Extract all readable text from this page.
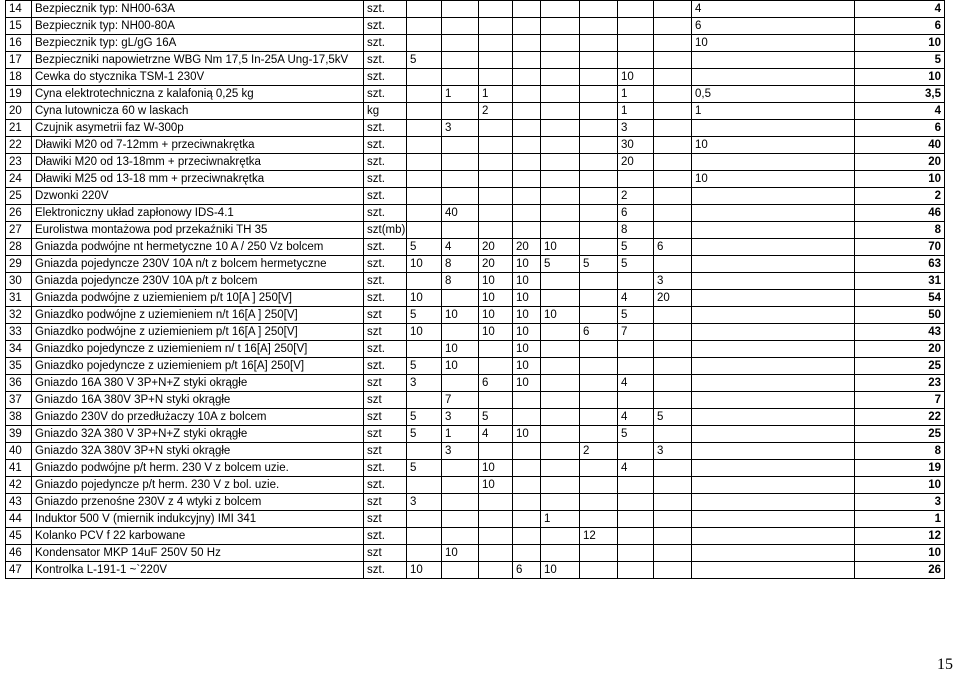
14	Bezpiecznik typ: NH00-63A	szt.									4	4
15	Bezpiecznik typ: NH00-80A	szt.									6	6
16	Bezpiecznik typ: gL/gG 16A	szt.									10	10
17	Bezpieczniki napowietrzne WBG Nm 17,5 In-25A Ung-17,5kV	szt.	5									5
18	Cewka do stycznika TSM-1 230V	szt.							10			10
19	Cyna elektrotechniczna z kalafonią 0,25 kg	szt.		1	1				1		0,5	3,5
20	Cyna lutownicza 60 w laskach	kg			2				1		1	4
21	Czujnik asymetrii faz W-300p	szt.		3					3			6
22	Dławiki M20 od 7-12mm + przeciwnakrętka	szt.							30		10	40
23	Dławiki M20 od 13-18mm + przeciwnakrętka	szt.							20			20
24	Dławiki M25 od 13-18 mm + przeciwnakrętka	szt.									10	10
25	Dzwonki 220V	szt.							2			2
26	Elektroniczny układ zapłonowy IDS-4.1	szt.		40					6			46
27	Eurolistwa montażowa pod przekaźniki TH 35	szt(mb)							8			8
28	Gniazda podwójne nt hermetyczne 10 A / 250 Vz bolcem	szt.	5	4	20	20	10		5	6		70
29	Gniazda pojedyncze 230V 10A n/t z bolcem hermetyczne	szt.	10	8	20	10	5	5	5			63
30	Gniazda pojedyncze 230V 10A p/t z bolcem	szt.		8	10	10				3		31
31	Gniazda podwójne z uziemieniem p/t 10[A ] 250[V]	szt.	10		10	10			4	20		54
32	Gniazdko podwójne z uziemieniem n/t 16[A ] 250[V]	szt	5	10	10	10	10		5			50
33	Gniazdko podwójne z uziemieniem p/t 16[A ] 250[V]	szt	10		10	10		6	7			43
34	Gniazdko pojedyncze z uziemieniem n/ t 16[A] 250[V]	szt.		10		10						20
35	Gniazdko pojedyncze z uziemieniem p/t 16[A] 250[V]	szt.	5	10		10						25
36	Gniazdo 16A 380 V 3P+N+Z styki okrągłe	szt	3		6	10			4			23
37	Gniazdo 16A 380V 3P+N styki okrągłe	szt		7								7
38	Gniazdo 230V do przedłużaczy 10A z bolcem	szt	5	3	5				4	5		22
39	Gniazdo 32A 380 V 3P+N+Z styki okrągłe	szt	5	1	4	10			5			25
40	Gniazdo 32A 380V 3P+N styki okrągłe	szt		3				2		3		8
41	Gniazdo podwójne p/t herm. 230 V z bolcem uzie.	szt.	5		10				4			19
42	Gniazdo pojedyncze p/t herm. 230 V z bol. uzie.	szt.			10							10
43	Gniazdo przenośne 230V z 4 wtyki z bolcem	szt	3									3
44	Induktor 500 V (miernik indukcyjny) IMI 341	szt					1					1
45	Kolanko PCV f 22 karbowane	szt.						12				12
46	Kondensator MKP 14uF 250V 50 Hz	szt		10								10
47	Kontrolka L-191-1 ~`220V	szt.	10			6	10					26
15
